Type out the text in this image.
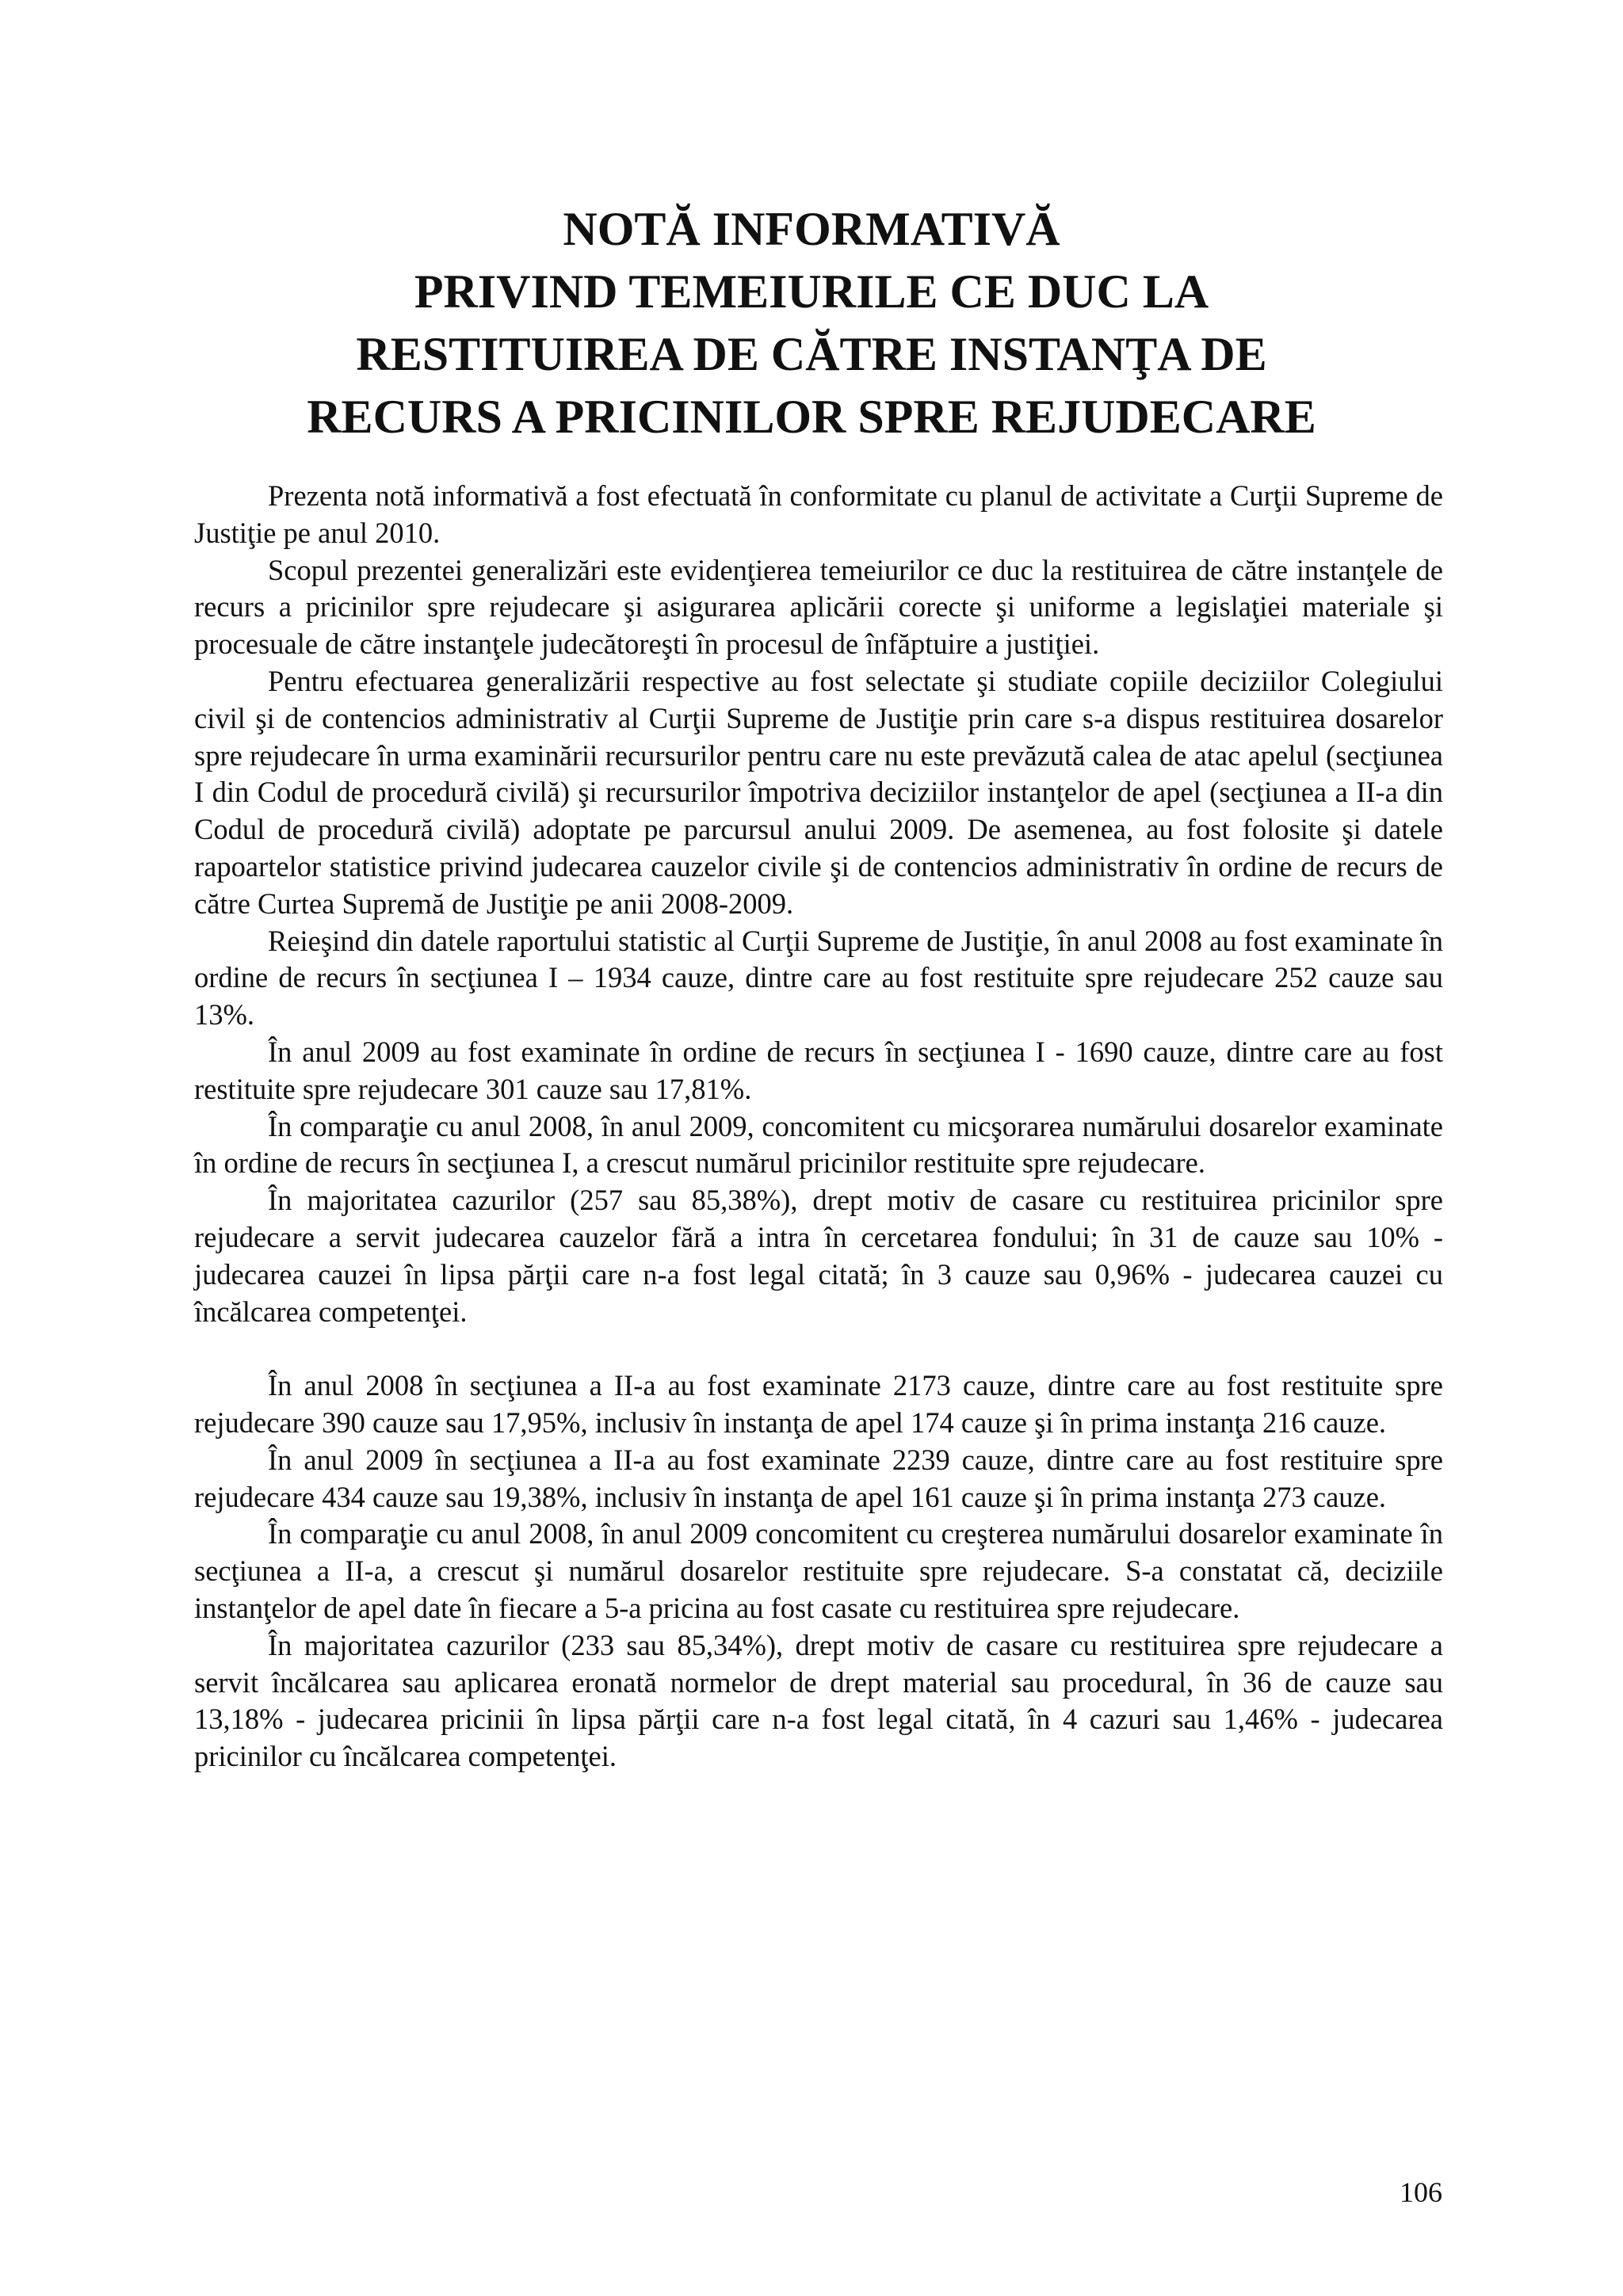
NOTĂ INFORMATIVĂ
PRIVIND TEMEIURILE CE DUC LA
RESTITUIREA DE CĂTRE INSTANŢA DE
RECURS A PRICINILOR SPRE REJUDECARE

Prezenta notă informativă a fost efectuată în conformitate cu planul de activitate a Curţii Supreme de Justiţie pe anul 2010.

Scopul prezentei generalizări este evidenţierea temeiurilor ce duc la restituirea de către instanţele de recurs a pricinilor spre rejudecare şi asigurarea aplicării corecte şi uniforme a legislaţiei materiale şi procesuale de către instanţele judecătoreşti în procesul de înfăptuire a justiţiei.

Pentru efectuarea generalizării respective au fost selectate şi studiate copiile deciziilor Colegiului civil şi de contencios administrativ al Curţii Supreme de Justiţie prin care s-a dispus restituirea dosarelor spre rejudecare în urma examinării recursurilor pentru care nu este prevăzută calea de atac apelul (secţiunea I din Codul de procedură civilă) şi recursurilor împotriva deciziilor instanţelor de apel (secţiunea a II-a din Codul de procedură civilă) adoptate pe parcursul anului 2009. De asemenea, au fost folosite şi datele rapoartelor statistice privind judecarea cauzelor civile şi de contencios administrativ în ordine de recurs de către Curtea Supremă de Justiţie pe anii 2008-2009.

Reieşind din datele raportului statistic al Curţii Supreme de Justiţie, în anul 2008 au fost examinate în ordine de recurs în secţiunea I – 1934 cauze, dintre care au fost restituite spre rejudecare 252 cauze sau 13%.

În anul 2009 au fost examinate în ordine de recurs în secţiunea I - 1690 cauze, dintre care au fost restituite spre rejudecare 301 cauze sau 17,81%.

În comparaţie cu anul 2008, în anul 2009, concomitent cu micşorarea numărului dosarelor examinate în ordine de recurs în secţiunea I, a crescut numărul pricinilor restituite spre rejudecare.

În majoritatea cazurilor (257 sau 85,38%), drept motiv de casare cu restituirea pricinilor spre rejudecare a servit judecarea cauzelor fără a intra în cercetarea fondului; în 31 de cauze sau 10% - judecarea cauzei în lipsa părţii care n-a fost legal citată; în 3 cauze sau 0,96% - judecarea cauzei cu încălcarea competenţei.

În anul 2008 în secţiunea a II-a au fost examinate 2173 cauze, dintre care au fost restituite spre rejudecare 390 cauze sau 17,95%, inclusiv în instanţa de apel 174 cauze şi în prima instanţa 216 cauze.

În anul 2009 în secţiunea a II-a au fost examinate 2239 cauze, dintre care au fost restituire spre rejudecare 434 cauze sau 19,38%, inclusiv în instanţa de apel 161 cauze şi în prima instanţa 273 cauze.

În comparaţie cu anul 2008, în anul 2009 concomitent cu creşterea numărului dosarelor examinate în secţiunea a II-a, a crescut şi numărul dosarelor restituite spre rejudecare. S-a constatat că, deciziile instanţelor de apel date în fiecare a 5-a pricina au fost casate cu restituirea spre rejudecare.

În majoritatea cazurilor (233 sau 85,34%), drept motiv de casare cu restituirea spre rejudecare a servit încălcarea sau aplicarea eronată normelor de drept material sau procedural, în 36 de cauze sau 13,18% - judecarea pricinii în lipsa părţii care n-a fost legal citată, în 4 cazuri sau 1,46% - judecarea pricinilor cu încălcarea competenţei.

106
